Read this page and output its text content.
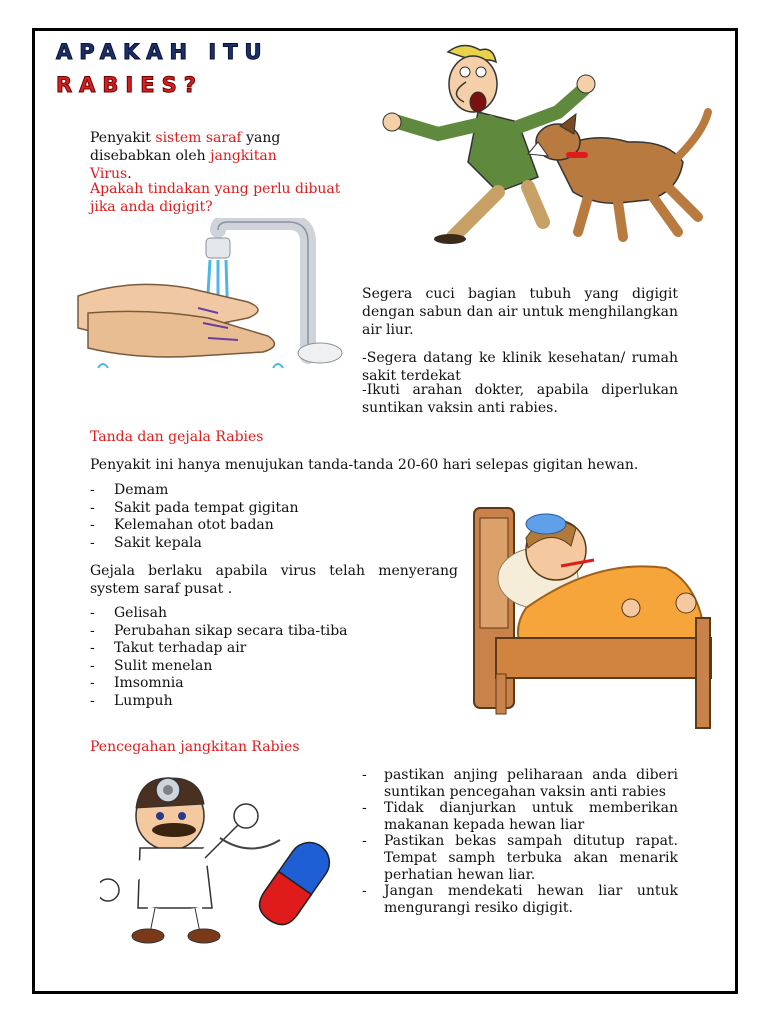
APAKAH ITU
RABIES?
Penyakit sistem saraf yang disebabkan oleh jangkitan Virus.
Apakah tindakan yang perlu dibuat jika anda digigit?
Segera cuci bagian tubuh yang digigit dengan sabun dan air untuk menghilangkan air liur.
-Segera datang ke klinik kesehatan/ rumah sakit terdekat
-Ikuti arahan dokter, apabila diperlukan suntikan vaksin anti rabies.
Tanda dan gejala Rabies
Penyakit ini hanya menujukan tanda-tanda 20-60 hari selepas gigitan hewan.
- Demam
- Sakit pada tempat gigitan
- Kelemahan otot badan
- Sakit kepala
Gejala berlaku apabila virus telah menyerang system saraf pusat .
- Gelisah
- Perubahan sikap secara tiba-tiba
- Takut terhadap air
- Sulit menelan
- Imsomnia
- Lumpuh
Pencegahan jangkitan Rabies
- pastikan anjing peliharaan anda diberi suntikan pencegahan vaksin anti rabies
- Tidak dianjurkan untuk memberikan makanan kepada hewan liar
- Pastikan bekas sampah ditutup rapat. Tempat samph terbuka akan menarik perhatian hewan liar.
- Jangan mendekati hewan liar untuk mengurangi resiko digigit.
